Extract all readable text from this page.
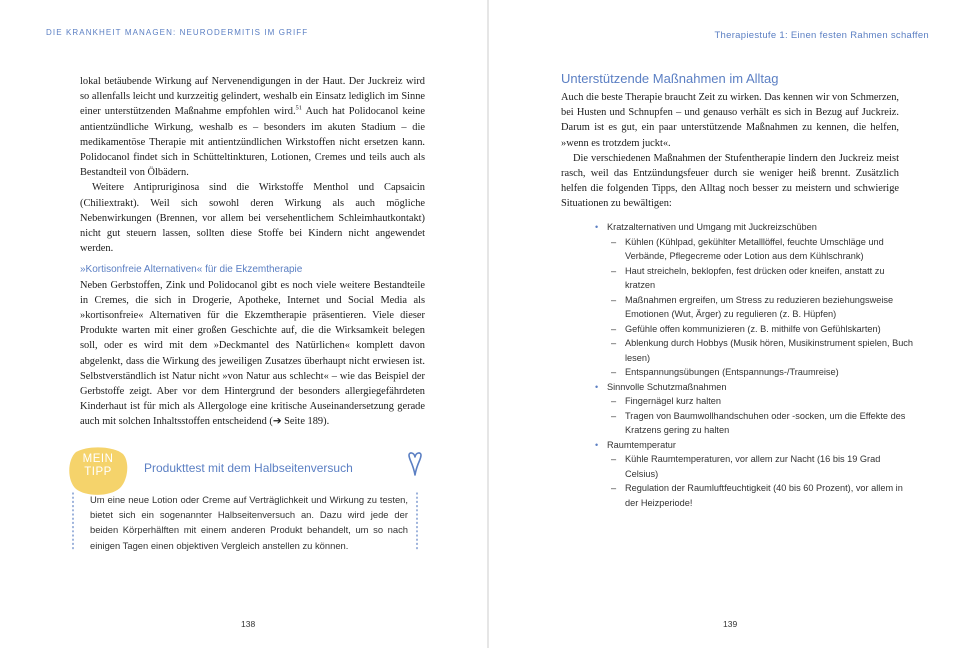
DIE KRANKHEIT MANAGEN: NEURODERMITIS IM GRIFF

lokal betäubende Wirkung auf Nervenendigungen in der Haut. Der Juckreiz wird so allenfalls leicht und kurzzeitig gelindert, weshalb ein Einsatz lediglich im Sinne einer unterstützenden Maßnahme empfohlen wird.$^{51}$ Auch hat Polidocanol keine antientzündliche Wirkung, weshalb es – besonders im akuten Stadium – die medikamentöse Therapie mit antientzündlichen Wirkstoffen nicht ersetzen kann. Polidocanol findet sich in Schütteltinkturen, Lotionen, Cremes und teils auch als Bestandteil von Ölbädern.

Weitere Antipruriginosa sind die Wirkstoffe Menthol und Capsaicin (Chiliextrakt). Weil sich sowohl deren Wirkung als auch mögliche Nebenwirkungen (Brennen, vor allem bei versehentlichem Schleimhautkontakt) nicht gut steuern lassen, sollten diese Stoffe bei Kindern nicht angewendet werden.

»Kortisonfreie Alternativen« für die Ekzemtherapie

Neben Gerbstoffen, Zink und Polidocanol gibt es noch viele weitere Bestandteile in Cremes, die sich in Drogerie, Apotheke, Internet und Social Media als »kortisonfreie« Alternativen für die Ekzemtherapie präsentieren. Viele dieser Produkte warten mit einer großen Geschichte auf, die die Wirksamkeit belegen soll, oder es wird mit dem »Deckmantel des Natürlichen« komplett davon abgelenkt, dass die Wirkung des jeweiligen Zusatzes überhaupt nicht erwiesen ist. Selbstverständlich ist Natur nicht »von Natur aus schlecht« – wie das Beispiel der Gerbstoffe zeigt. Aber vor dem Hintergrund der besonders allergiegefährdeten Kinderhaut ist für mich als Allergologe eine kritische Auseinandersetzung gerade auch mit solchen Inhaltsstoffen entscheidend (➔ Seite 189).

MEIN
TIPP	Produkttest mit dem Halbseitenversuch

Um eine neue Lotion oder Creme auf Verträglichkeit und Wirkung zu testen, bietet sich ein sogenannter Halbseitenversuch an. Dazu wird jede der beiden Körperhälften mit einem anderen Produkt behandelt, um so nach einigen Tagen einen objektiven Vergleich anstellen zu können.

138
Therapiestufe 1: Einen festen Rahmen schaffen
Unterstützende Maßnahmen im Alltag

Auch die beste Therapie braucht Zeit zu wirken. Das kennen wir von Schmerzen, bei Husten und Schnupfen – und genauso verhält es sich in Bezug auf Juckreiz. Darum ist es gut, ein paar unterstützende Maßnahmen zu kennen, die helfen, »wenn es trotzdem juckt«.

Die verschiedenen Maßnahmen der Stufentherapie lindern den Juckreiz meist rasch, weil das Entzündungsfeuer durch sie weniger heiß brennt. Zusätzlich helfen die folgenden Tipps, den Alltag noch besser zu meistern und schwierige Situationen zu bewältigen:

• Kratzalternativen und Umgang mit Juckreizschüben
– Kühlen (Kühlpad, gekühlter Metalllöffel, feuchte Umschläge und Verbände, Pflegecreme oder Lotion aus dem Kühlschrank)
– Haut streicheln, beklopfen, fest drücken oder kneifen, anstatt zu kratzen
– Maßnahmen ergreifen, um Stress zu reduzieren beziehungsweise Emotionen (Wut, Ärger) zu regulieren (z. B. Hüpfen)
– Gefühle offen kommunizieren (z. B. mithilfe von Gefühlskarten)
– Ablenkung durch Hobbys (Musik hören, Musikinstrument spielen, Buch lesen)
– Entspannungsübungen (Entspannungs-/Traumreise)
• Sinnvolle Schutzmaßnahmen
– Fingernägel kurz halten
– Tragen von Baumwollhandschuhen oder -socken, um die Effekte des Kratzens gering zu halten
• Raumtemperatur
– Kühle Raumtemperaturen, vor allem zur Nacht (16 bis 19 Grad Celsius)
– Regulation der Raumluftfeuchtigkeit (40 bis 60 Prozent), vor allem in der Heizperiode!
139
